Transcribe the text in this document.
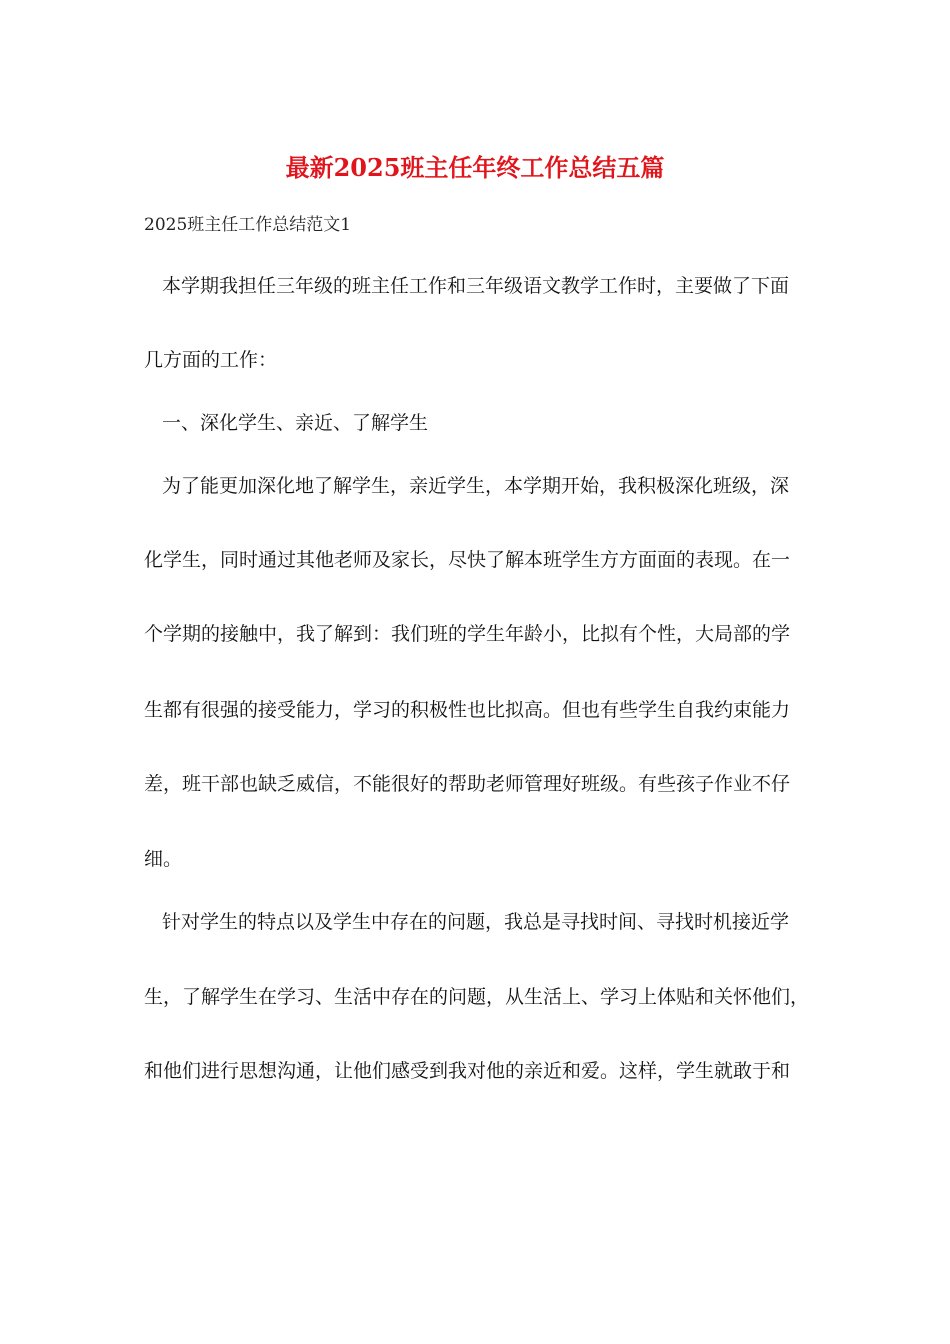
最新2025班主任年终工作总结五篇
2025班主任工作总结范文1
本学期我担任三年级的班主任工作和三年级语文教学工作时，主要做了下面
几方面的工作：
一、深化学生、亲近、了解学生
为了能更加深化地了解学生，亲近学生，本学期开始，我积极深化班级，深
化学生，同时通过其他老师及家长，尽快了解本班学生方方面面的表现。在一
个学期的接触中，我了解到：我们班的学生年龄小，比拟有个性，大局部的学
生都有很强的接受能力，学习的积极性也比拟高。但也有些学生自我约束能力
差，班干部也缺乏威信，不能很好的帮助老师管理好班级。有些孩子作业不仔
细。
针对学生的特点以及学生中存在的问题，我总是寻找时间、寻找时机接近学
生，了解学生在学习、生活中存在的问题，从生活上、学习上体贴和关怀他们，
和他们进行思想沟通，让他们感受到我对他的亲近和爱。这样，学生就敢于和
